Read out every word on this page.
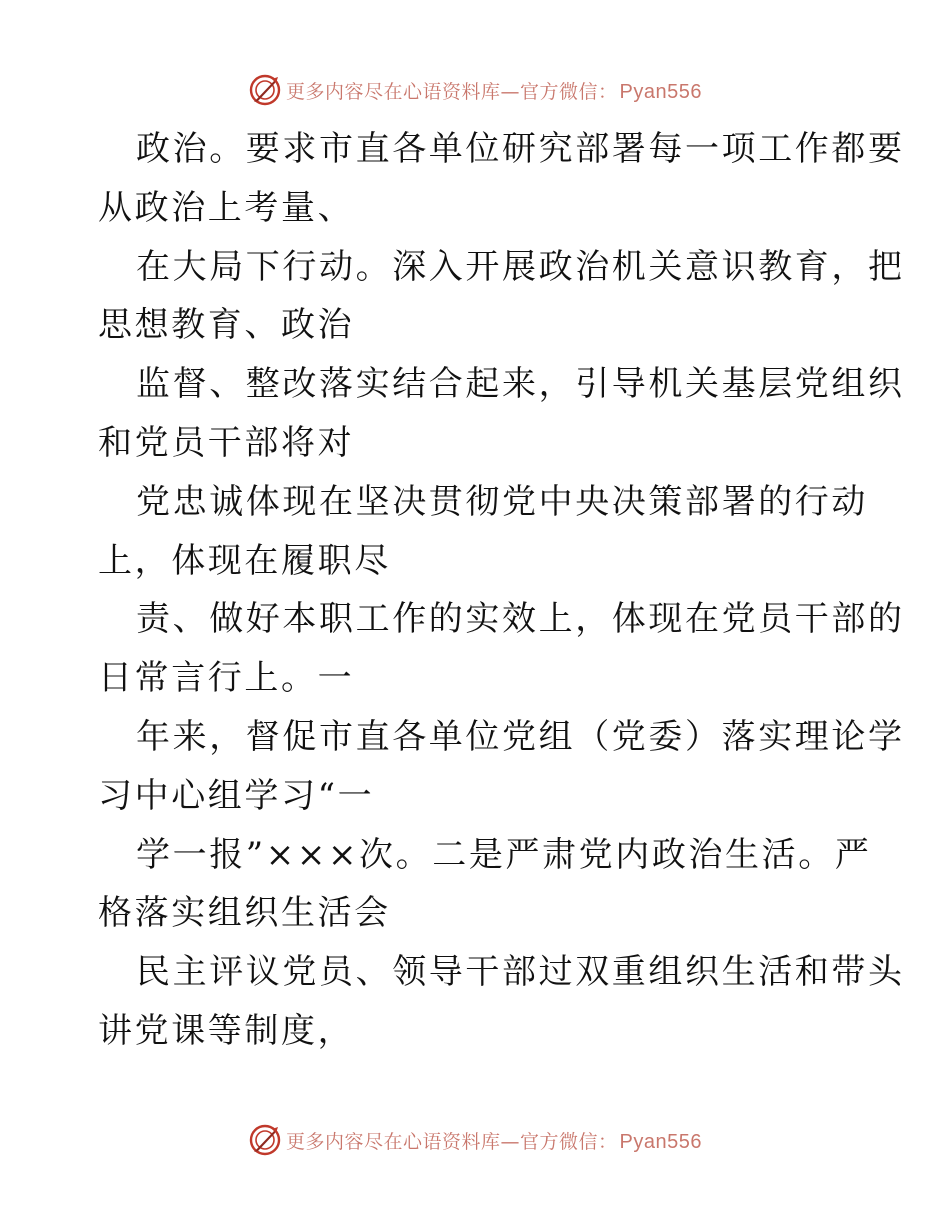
更多内容尽在心语资料库—官方微信： Pyan556
政治。要求市直各单位研究部署每一项工作都要
从政治上考量、
在大局下行动。深入开展政治机关意识教育，把
思想教育、政治
监督、整改落实结合起来，引导机关基层党组织
和党员干部将对
党忠诚体现在坚决贯彻党中央决策部署的行动
上，体现在履职尽
责、做好本职工作的实效上，体现在党员干部的
日常言行上。一
年来，督促市直各单位党组（党委）落实理论学
习中心组学习“一
学一报”×××次。二是严肃党内政治生活。严
格落实组织生活会
民主评议党员、领导干部过双重组织生活和带头
讲党课等制度，
更多内容尽在心语资料库—官方微信： Pyan556
